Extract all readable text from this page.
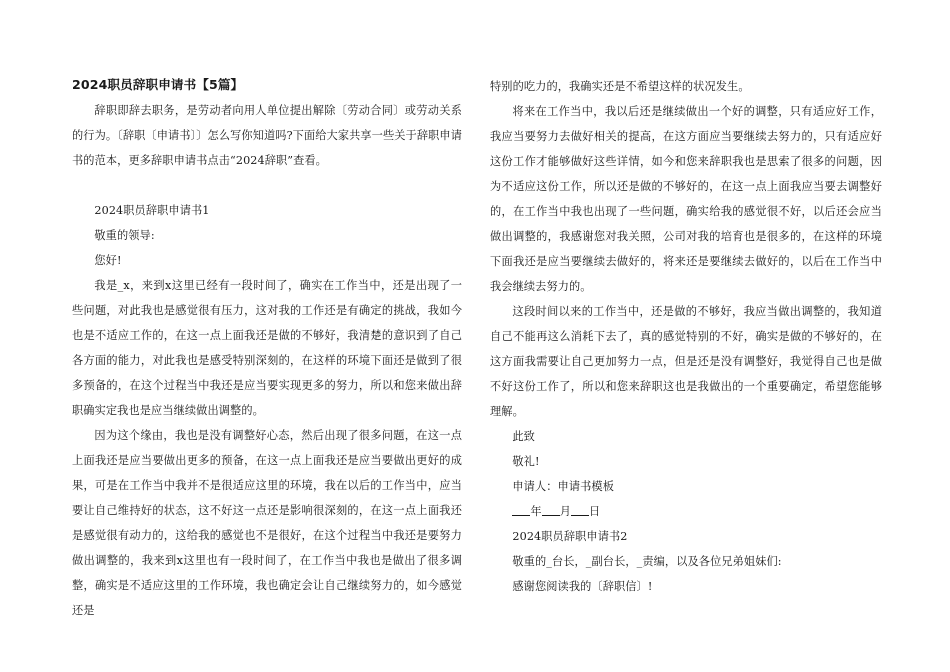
2024职员辞职申请书【5篇】

辞职即辞去职务，是劳动者向用人单位提出解除〔劳动合同〕或劳动关系的行为。〔辞职〔申请书〕〕怎么写你知道吗?下面给大家共享一些关于辞职申请书的范本，更多辞职申请书点击“2024辞职”查看。

2024职员辞职申请书1

敬重的领导:

您好!

我是_x，来到x这里已经有一段时间了，确实在工作当中，还是出现了一些问题，对此我也是感觉很有压力，这对我的工作还是有确定的挑战，我如今也是不适应工作的，在这一点上面我还是做的不够好，我清楚的意识到了自己各方面的能力，对此我也是感受特别深刻的，在这样的环境下面还是做到了很多预备的，在这个过程当中我还是应当要实现更多的努力，所以和您来做出辞职确实定我也是应当继续做出调整的。

因为这个缘由，我也是没有调整好心态，然后出现了很多问题，在这一点上面我还是应当要做出更多的预备，在这一点上面我还是应当要做出更好的成果，可是在工作当中我并不是很适应这里的环境，我在以后的工作当中，应当要让自己维持好的状态，这不好这一点还是影响很深刻的，在这一点上面我还是感觉很有动力的，这给我的感觉也不是很好，在这个过程当中我还是要努力做出调整的，我来到x这里也有一段时间了，在工作当中我也是做出了很多调整，确实是不适应这里的工作环境，我也确定会让自己继续努力的，如今感觉还是

特别的吃力的，我确实还是不希望这样的状况发生。

将来在工作当中，我以后还是继续做出一个好的调整，只有适应好工作，我应当要努力去做好相关的提高，在这方面应当要继续去努力的，只有适应好这份工作才能够做好这些详情，如今和您来辞职我也是思索了很多的问题，因为不适应这份工作，所以还是做的不够好的，在这一点上面我应当要去调整好的，在工作当中我也出现了一些问题，确实给我的感觉很不好，以后还会应当做出调整的，我感谢您对我关照，公司对我的培育也是很多的，在这样的环境下面我还是应当要继续去做好的，将来还是要继续去做好的，以后在工作当中我会继续去努力的。

这段时间以来的工作当中，还是做的不够好，我应当做出调整的，我知道自己不能再这么消耗下去了，真的感觉特别的不好，确实是做的不够好的，在这方面我需要让自己更加努力一点，但是还是没有调整好，我觉得自己也是做不好这份工作了，所以和您来辞职这也是我做出的一个重要确定，希望您能够理解。

此致

敬礼!

申请人：申请书模板

年 月 日

2024职员辞职申请书2

敬重的_台长，_副台长，_责编，以及各位兄弟姐妹们:

感谢您阅读我的〔辞职信〕!
